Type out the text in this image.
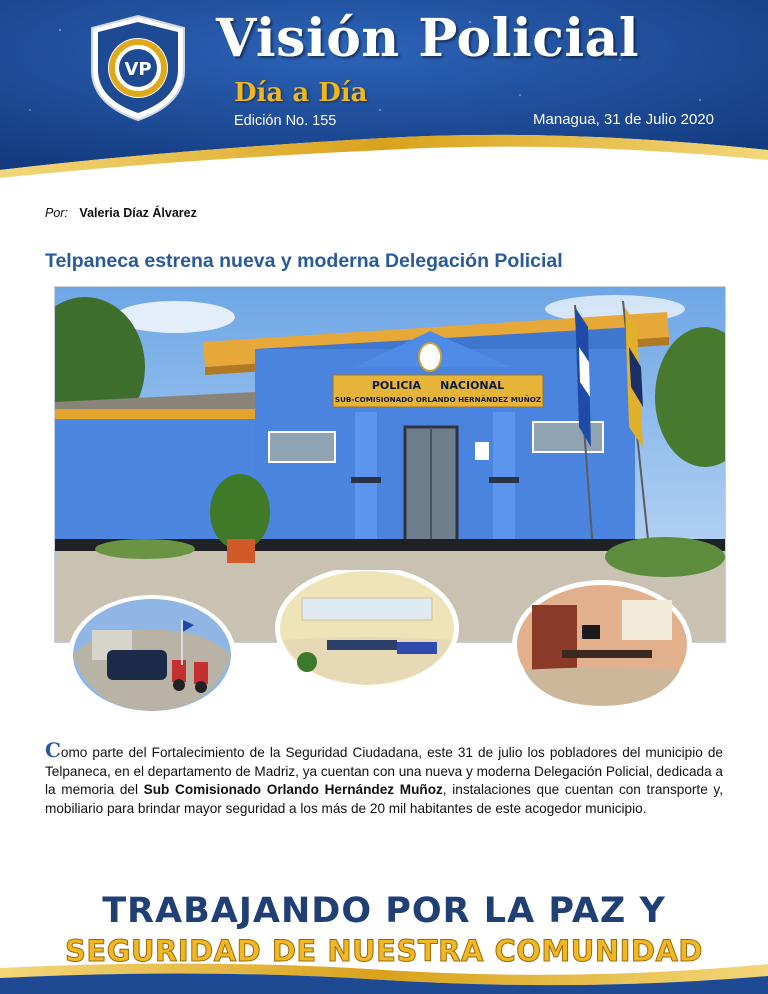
VP
Visión Policial
Día a Día
Edición No. 155	Managua, 31 de Julio 2020
Por: Valeria Díaz Álvarez
Telpaneca estrena nueva y moderna Delegación Policial
POLICIA     NACIONAL
SUB-COMISIONADO ORLANDO HERNÁNDEZ MUÑOZ
Como parte del Fortalecimiento de la Seguridad Ciudadana, este 31 de julio los pobladores del municipio de Telpaneca, en el departamento de Madriz, ya cuentan con una nueva y moderna Delegación Policial, dedicada a la memoria del Sub Comisionado Orlando Hernández Muñoz, instalaciones que cuentan con transporte y, mobiliario para brindar mayor seguridad a los más de 20 mil habitantes de este acogedor municipio.
TRABAJANDO POR LA PAZ Y
SEGURIDAD DE NUESTRA COMUNIDAD
